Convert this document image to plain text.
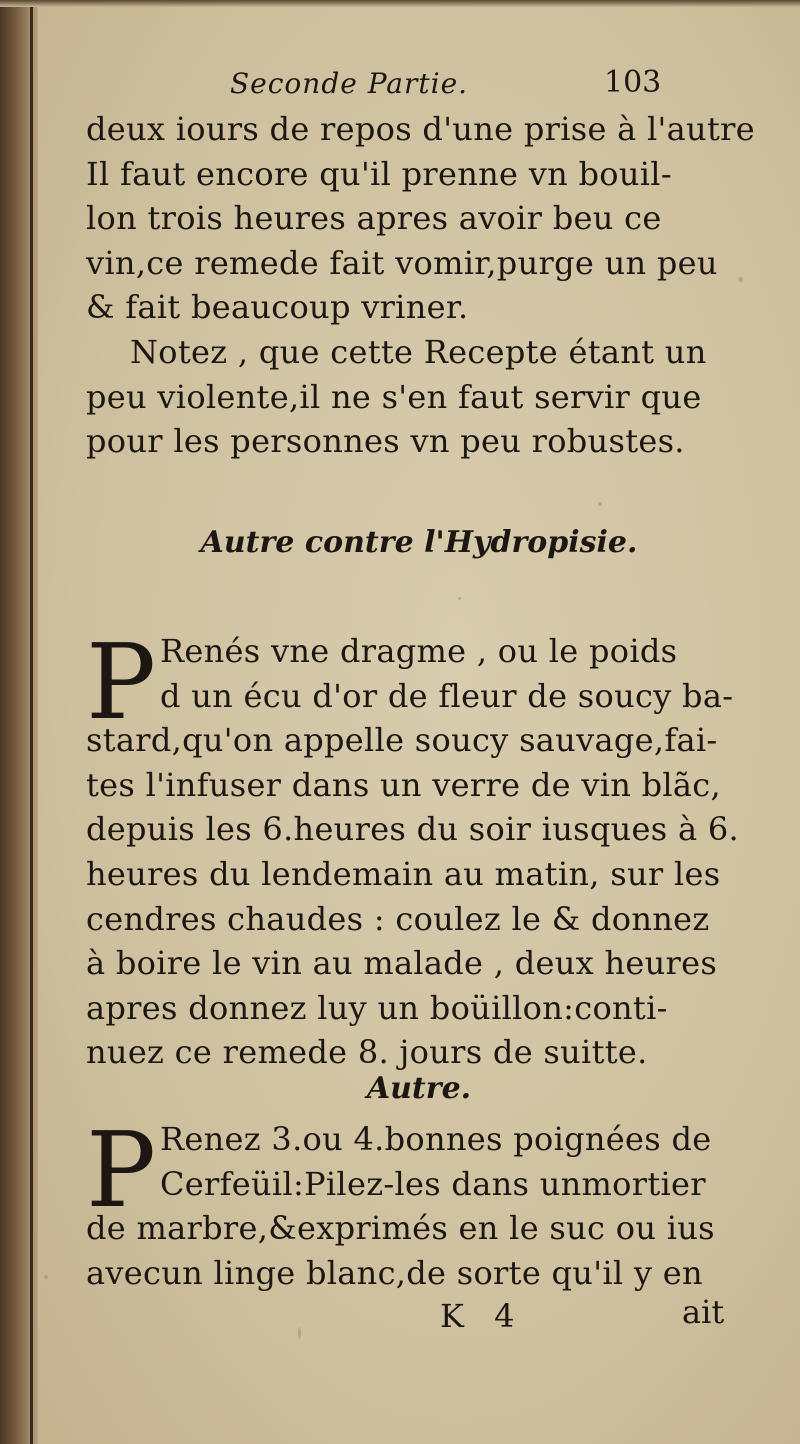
Seconde Partie.	103
deux iours de repos d'une prise à l'autre
Il faut encore qu'il prenne vn bouil-
lon trois heures apres avoir beu ce
vin,ce remede fait vomir,purge un peu
& fait beaucoup vriner.
Notez , que cette Recepte étant un
peu violente,il ne s'en faut servir que
pour les personnes vn peu robustes.
Autre contre l'Hydropisie.
P Renés vne dragme , ou le poids
d un écu d'or de fleur de soucy ba-
stard,qu'on appelle soucy sauvage,fai-
tes l'infuser dans un verre de vin blãc,
depuis les 6.heures du soir iusques à 6.
heures du lendemain au matin, sur les
cendres chaudes : coulez le & donnez
à boire le vin au malade , deux heures
apres donnez luy un boüillon:conti-
nuez ce remede 8. jours de suitte.
Autre.
P Renez 3.ou 4.bonnes poignées de
Cerfeüil:Pilez-les dans unmortier
de marbre,&exprimés en le suc ou ius
avecun linge blanc,de sorte qu'il y en
K 4	ait
